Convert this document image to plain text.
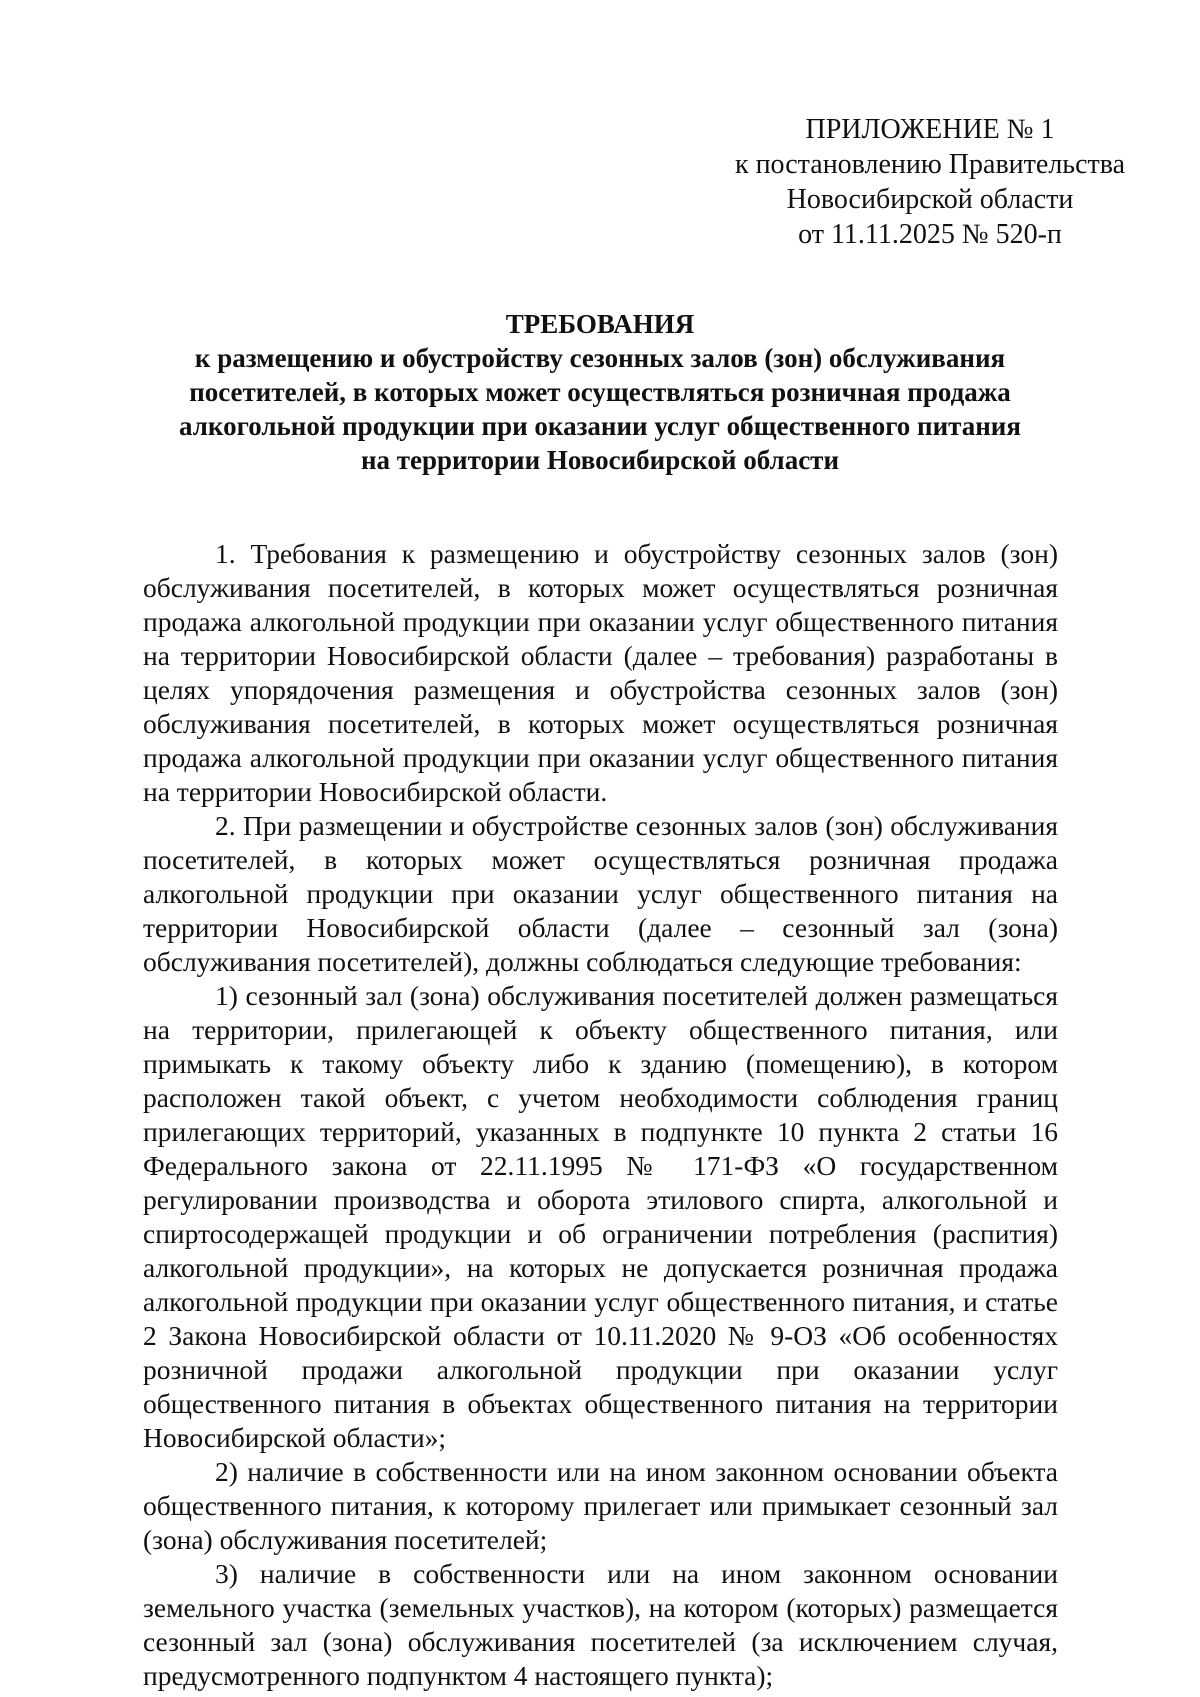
ПРИЛОЖЕНИЕ № 1
к постановлению Правительства
Новосибирской области
от 11.11.2025 № 520-п
ТРЕБОВАНИЯ
к размещению и обустройству сезонных залов (зон) обслуживания
посетителей, в которых может осуществляться розничная продажа
алкогольной продукции при оказании услуг общественного питания
на территории Новосибирской области

1. Требования к размещению и обустройству сезонных залов (зон) обслуживания посетителей, в которых может осуществляться розничная продажа алкогольной продукции при оказании услуг общественного питания на территории Новосибирской области (далее – требования) разработаны в целях упорядочения размещения и обустройства сезонных залов (зон) обслуживания посетителей, в которых может осуществляться розничная продажа алкогольной продукции при оказании услуг общественного питания на территории Новосибирской области.

2. При размещении и обустройстве сезонных залов (зон) обслуживания посетителей, в которых может осуществляться розничная продажа алкогольной продукции при оказании услуг общественного питания на территории Новосибирской области (далее – сезонный зал (зона) обслуживания посетителей), должны соблюдаться следующие требования:

1) сезонный зал (зона) обслуживания посетителей должен размещаться на территории, прилегающей к объекту общественного питания, или примыкать к такому объекту либо к зданию (помещению), в котором расположен такой объект, с учетом необходимости соблюдения границ прилегающих территорий, указанных в подпункте 10 пункта 2 статьи 16 Федерального закона от 22.11.1995 № 171-ФЗ «О государственном регулировании производства и оборота этилового спирта, алкогольной и спиртосодержащей продукции и об ограничении потребления (распития) алкогольной продукции», на которых не допускается розничная продажа алкогольной продукции при оказании услуг общественного питания, и статье 2 Закона Новосибирской области от 10.11.2020 № 9-ОЗ «Об особенностях розничной продажи алкогольной продукции при оказании услуг общественного питания в объектах общественного питания на территории Новосибирской области»;

2) наличие в собственности или на ином законном основании объекта общественного питания, к которому прилегает или примыкает сезонный зал (зона) обслуживания посетителей;

3) наличие в собственности или на ином законном основании земельного участка (земельных участков), на котором (которых) размещается сезонный зал (зона) обслуживания посетителей (за исключением случая, предусмотренного подпунктом 4 настоящего пункта);
